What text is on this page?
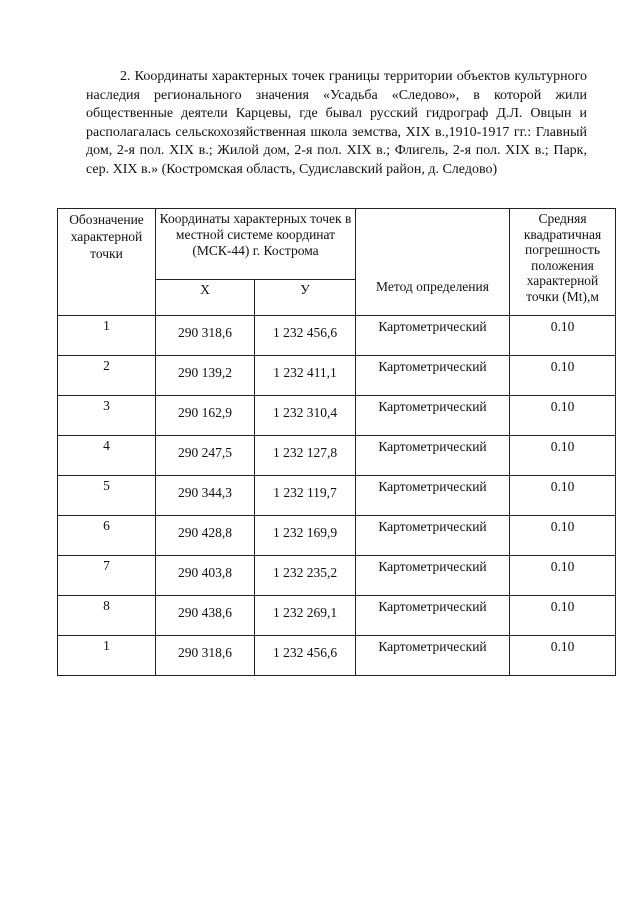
2. Координаты характерных точек границы территории объектов культурного наследия регионального значения «Усадьба «Следово», в которой жили общественные деятели Карцевы, где бывал русский гидрограф Д.Л. Овцын и располагалась сельскохозяйственная школа земства, XIX в.,1910-1917 гг.: Главный дом, 2-я пол. XIX в.; Жилой дом, 2-я пол. XIX в.; Флигель, 2-я пол. XIX в.; Парк, сер. XIX в.» (Костромская область, Судиславский район, д. Следово)

Обозначение характерной точки	Координаты характерных точек в местной системе координат (МСК-44) г. Кострома		Метод определения	Средняя квадратичная погрешность положения характерной точки (Mt),м
	Х	У		
1	290 318,6	1 232 456,6	Картометрический	0.10
2	290 139,2	1 232 411,1	Картометрический	0.10
3	290 162,9	1 232 310,4	Картометрический	0.10
4	290 247,5	1 232 127,8	Картометрический	0.10
5	290 344,3	1 232 119,7	Картометрический	0.10
6	290 428,8	1 232 169,9	Картометрический	0.10
7	290 403,8	1 232 235,2	Картометрический	0.10
8	290 438,6	1 232 269,1	Картометрический	0.10
1	290 318,6	1 232 456,6	Картометрический	0.10
